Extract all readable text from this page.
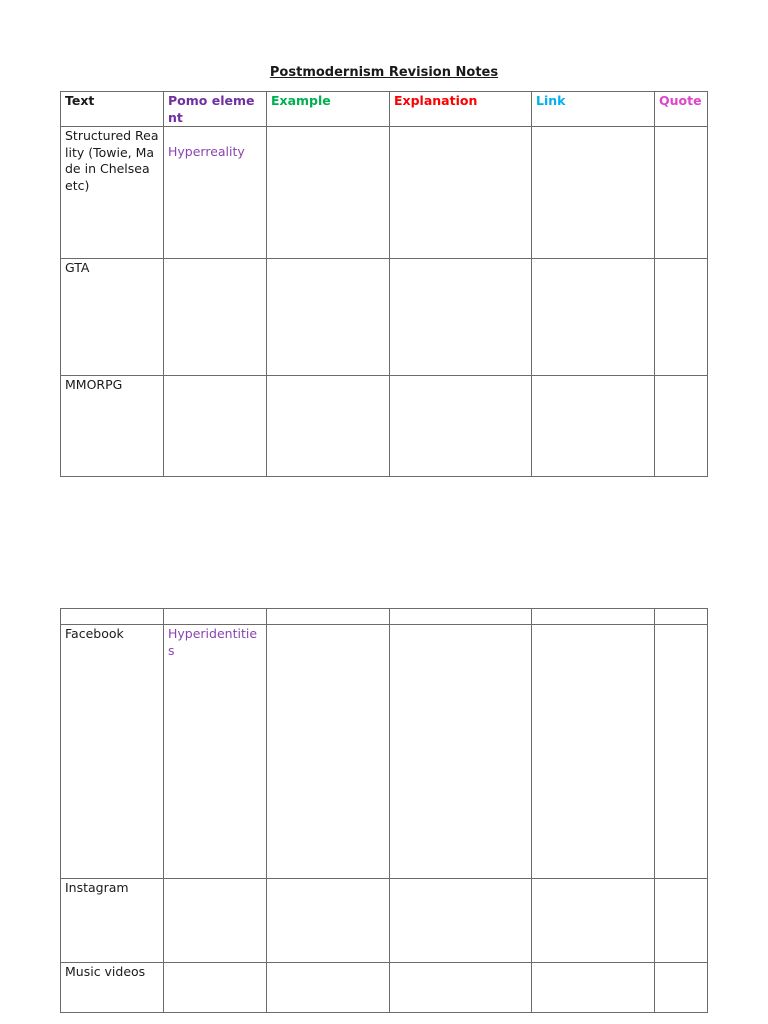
Postmodernism Revision Notes
Text	Pomo element	Example	Explanation	Link	Quote
Structured Reality (Towie, Made in Chelsea etc)	Hyperreality				
GTA					
MMORPG					

Facebook	Hyperidentities				
Instagram					
Music videos					
